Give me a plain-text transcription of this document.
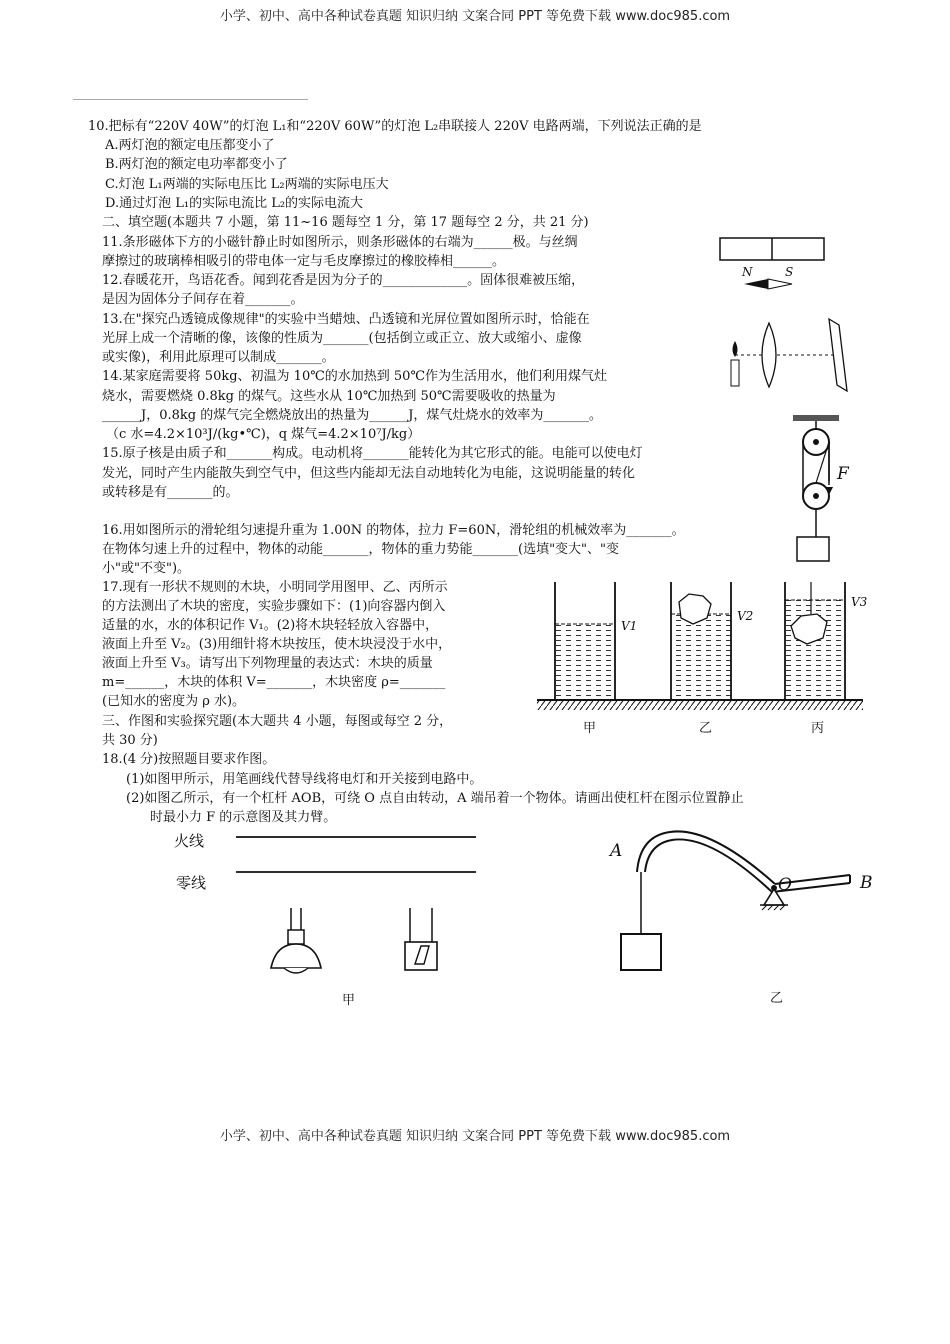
小学、初中、高中各种试卷真题 知识归纳 文案合同 PPT 等免费下载 www.doc985.com
10.把标有“220V 40W”的灯泡 L₁和“220V 60W”的灯泡 L₂串联接人 220V 电路两端，下列说法正确的是
A.两灯泡的额定电压都变小了
B.两灯泡的额定电功率都变小了
C.灯泡 L₁两端的实际电压比 L₂两端的实际电压大
D.通过灯泡 L₁的实际电流比 L₂的实际电流大
二、填空题(本题共 7 小题，第 11~16 题每空 1 分，第 17 题每空 2 分，共 21 分)
11.条形磁体下方的小磁针静止时如图所示，则条形磁体的右端为______极。与丝绸
摩擦过的玻璃棒相吸引的带电体一定与毛皮摩擦过的橡胶棒相______。
12.春暖花开，鸟语花香。闻到花香是因为分子的_____________。固体很难被压缩，
是因为固体分子间存在着_______。
13.在"探究凸透镜成像规律"的实验中当蜡烛、凸透镜和光屏位置如图所示时，恰能在
光屏上成一个清晰的像，该像的性质为_______(包括倒立或正立、放大或缩小、虚像
或实像)，利用此原理可以制成_______。
14.某家庭需要将 50kg、初温为 10℃的水加热到 50℃作为生活用水，他们利用煤气灶
烧水，需要燃烧 0.8kg 的煤气。这些水从 10℃加热到 50℃需要吸收的热量为
______J，0.8kg 的煤气完全燃烧放出的热量为______J，煤气灶烧水的效率为_______。
（c 水=4.2×10³J/(kg•℃)，q 煤气=4.2×10⁷J/kg）
15.原子核是由质子和_______构成。电动机将_______能转化为其它形式的能。电能可以使电灯
发光，同时产生内能散失到空气中，但这些内能却无法自动地转化为电能，这说明能量的转化
或转移是有_______的。
16.用如图所示的滑轮组匀速提升重为 1.00N 的物体，拉力 F=60N，滑轮组的机械效率为_______。
在物体匀速上升的过程中，物体的动能_______，物体的重力势能_______(选填"变大"、"变
小"或"不变")。
17.现有一形状不规则的木块，小明同学用图甲、乙、丙所示
的方法测出了木块的密度，实验步骤如下：(1)向容器内倒入
适量的水，水的体积记作 V₁。(2)将木块轻轻放入容器中，
液面上升至 V₂。(3)用细针将木块按压，使木块浸没于水中，
液面上升至 V₃。请写出下列物理量的表达式：木块的质量
m=______，木块的体积 V=_______，木块密度 ρ=_______
(已知水的密度为 ρ 水)。
三、作图和实验探究题(本大题共 4 小题，每图或每空 2 分，
共 30 分)
18.(4 分)按照题目要求作图。
(1)如图甲所示，用笔画线代替导线将电灯和开关接到电路中。
(2)如图乙所示，有一个杠杆 AOB，可绕 O 点自由转动，A 端吊着一个物体。请画出使杠杆在图示位置静止
时最小力 F 的示意图及其力臂。
N	S
F
V1
V2
V3
甲	乙	丙
火线
零线
甲
A
O	B
乙
小学、初中、高中各种试卷真题 知识归纳 文案合同 PPT 等免费下载 www.doc985.com
